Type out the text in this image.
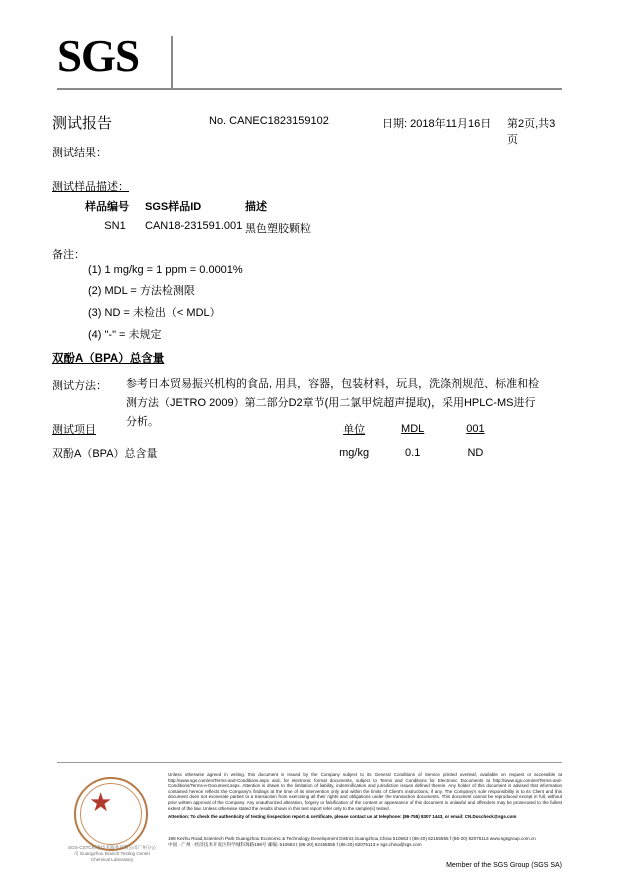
SGS
测试报告	No. CANEC1823159102	日期: 2018年11月16日 第2页,共3页
测试结果：
测试样品描述：
样品编号	SGS样品ID	描述
SN1	CAN18-231591.001	黑色塑胶颗粒
备注：
(1) 1 mg/kg = 1 ppm = 0.0001%
(2) MDL = 方法检测限
(3) ND = 未检出（< MDL）
(4) "-" = 未规定
双酚A（BPA）总含量
测试方法： 参考日本贸易振兴机构的食品, 用具，容器，包装材料，玩具，洗涤剂规范、标准和检测方法（JETRO 2009）第二部分D2章节(用二氯甲烷超声提取)，采用HPLC-MS进行分析。
测试项目	单位	MDL	001
双酚A（BPA）总含量	mg/kg	0.1	ND
★
SGS-CSTC标准技术服务有限公司广州分公司 Guangzhou Branch Testing Center Chemical Laboratory
Unless otherwise agreed in writing, this document is issued by the Company subject to its General Conditions of Service printed overleaf, available on request or accessible at http://www.sgs.com/en/Terms-and-Conditions.aspx and, for electronic format documents, subject to Terms and Conditions for Electronic Documents at http://www.sgs.com/en/Terms-and-Conditions/Terms-e-Document.aspx. Attention is drawn to the limitation of liability, indemnification and jurisdiction issues defined therein. Any holder of this document is advised that information contained hereon reflects the Company's findings at the time of its intervention only and within the limits of Client's instructions, if any. The Company's sole responsibility is to its Client and this document does not exonerate parties to a transaction from exercising all their rights and obligations under the transaction documents. This document cannot be reproduced except in full, without prior written approval of the Company. Any unauthorized alteration, forgery or falsification of the content or appearance of this document is unlawful and offenders may be prosecuted to the fullest extent of the law. Unless otherwise stated the results shown in this test report refer only to the sample(s) tested.
Attention: To check the authenticity of testing /inspection report & certificate, please contact us at telephone: (86-755) 8307 1443, or email: CN.Doccheck@sgs.com
198 Kezhu Road,Scientech Park Guangzhou Economic & Technology Development District,Guangzhou,China 510663 t (86-20) 82155555 f (86-20) 82075113 www.sgsgroup.com.cn
中国 · 广州 · 经济技术开发区科学城科珠路198号 邮编: 510663 t (86-20) 82155555 f (86-20) 82075113 e sgs.china@sgs.com
Member of the SGS Group (SGS SA)
